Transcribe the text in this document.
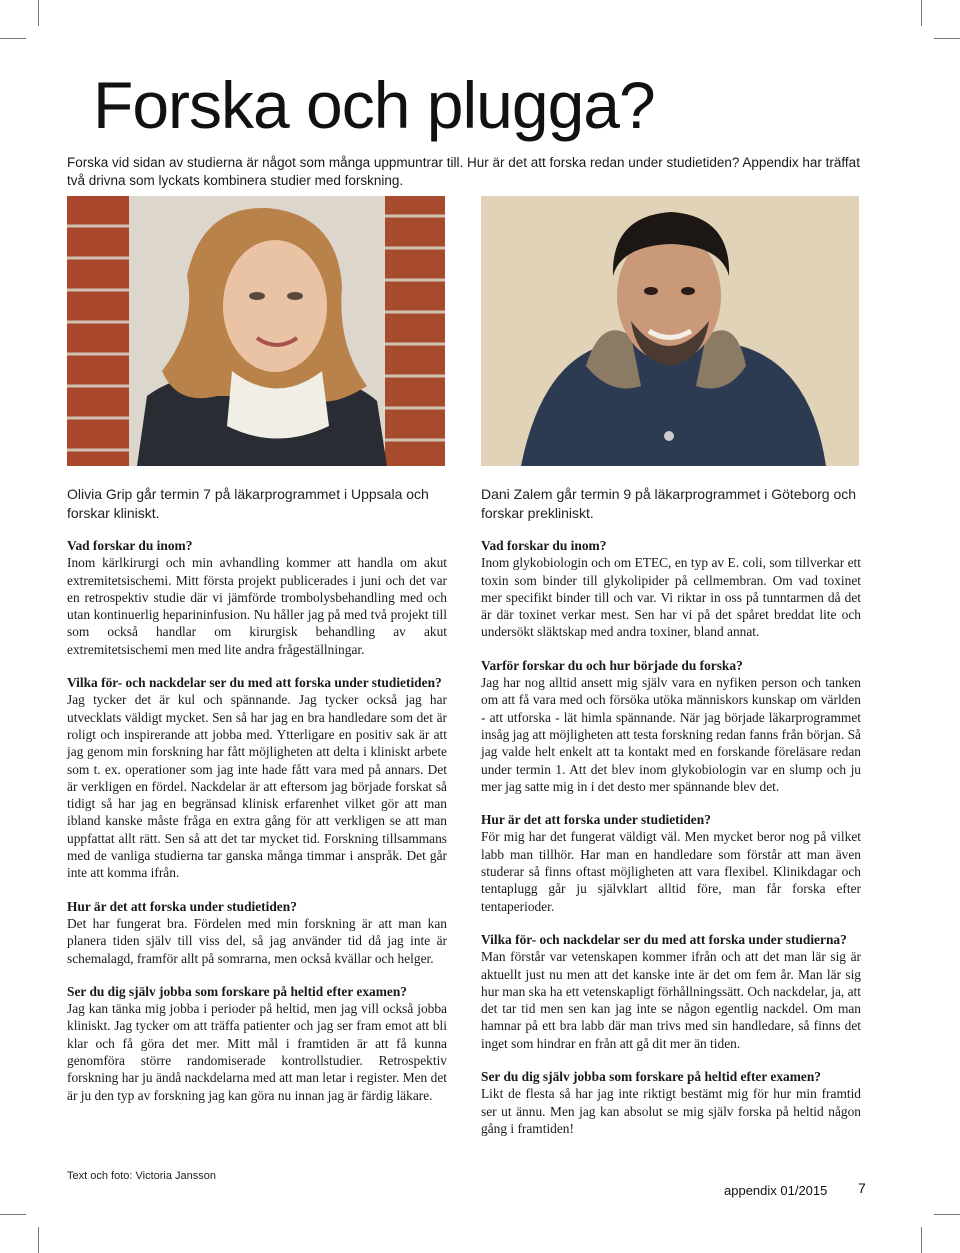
Forska och plugga?

Forska vid sidan av studierna är något som många uppmuntrar till. Hur är det att forska redan under studietiden? Appendix har träffat två drivna som lyckats kombinera studier med forskning.

Olivia Grip går termin 7 på läkarprogrammet i Uppsala och forskar kliniskt.

Dani Zalem går termin 9 på läkarprogrammet i Göteborg och forskar prekliniskt.

Vad forskar du inom?

Inom kärlkirurgi och min avhandling kommer att handla om akut extremitetsischemi. Mitt första projekt publicerades i juni och det var en retrospektiv studie där vi jämförde trombolysbehandling med och utan kontinuerlig heparininfusion. Nu håller jag på med två projekt till som också handlar om kirurgisk behandling av akut extremitetsischemi men med lite andra frågeställningar.

Vilka för- och nackdelar ser du med att forska under studietiden?

Jag tycker det är kul och spännande. Jag tycker också jag har utvecklats väldigt mycket. Sen så har jag en bra handledare som det är roligt och inspirerande att jobba med. Ytterligare en positiv sak är att jag genom min forskning har fått möjligheten att delta i kliniskt arbete som t. ex. operationer som jag inte hade fått vara med på annars. Det är verkligen en fördel. Nackdelar är att eftersom jag började forskat så tidigt så har jag en begränsad klinisk erfarenhet vilket gör att man ibland kanske måste fråga en extra gång för att verkligen se att man uppfattat allt rätt. Sen så att det tar mycket tid. Forskning tillsammans med de vanliga studierna tar ganska många timmar i anspråk. Det går inte att komma ifrån.

Hur är det att forska under studietiden?

Det har fungerat bra. Fördelen med min forskning är att man kan planera tiden själv till viss del, så jag använder tid då jag inte är schemalagd, framför allt på somrarna, men också kvällar och helger.

Ser du dig själv jobba som forskare på heltid efter examen?

Jag kan tänka mig jobba i perioder på heltid, men jag vill också jobba kliniskt. Jag tycker om att träffa patienter och jag ser fram emot att bli klar och få göra det mer. Mitt mål i framtiden är att få kunna genomföra större randomiserade kontrollstudier. Retrospektiv forskning har ju ändå nackdelarna med att man letar i register. Men det är ju den typ av forskning jag kan göra nu innan jag är färdig läkare.

Vad forskar du inom?

Inom glykobiologin och om ETEC, en typ av E. coli, som tillverkar ett toxin som binder till glykolipider på cellmembran. Om vad toxinet mer specifikt binder till och var. Vi riktar in oss på tunntarmen då det är där toxinet verkar mest. Sen har vi på det spåret breddat lite och undersökt släktskap med andra toxiner, bland annat.

Varför forskar du och hur började du forska?

Jag har nog alltid ansett mig själv vara en nyfiken person och tanken om att få vara med och försöka utöka människors kunskap om världen - att utforska - lät himla spännande. När jag började läkarprogrammet insåg jag att möjligheten att testa forskning redan fanns från början. Så jag valde helt enkelt att ta kontakt med en forskande föreläsare redan under termin 1. Att det blev inom glykobiologin var en slump och ju mer jag satte mig in i det desto mer spännande blev det.

Hur är det att forska under studietiden?

För mig har det fungerat väldigt väl. Men mycket beror nog på vilket labb man tillhör. Har man en handledare som förstår att man även studerar så finns oftast möjligheten att vara flexibel. Klinikdagar och tentaplugg går ju självklart alltid före, man får forska efter tentaperioder.

Vilka för- och nackdelar ser du med att forska under studierna?

Man förstår var vetenskapen kommer ifrån och att det man lär sig är aktuellt just nu men att det kanske inte är det om fem år. Man lär sig hur man ska ha ett vetenskapligt förhållningssätt. Och nackdelar, ja, att det tar tid men sen kan jag inte se någon egentlig nackdel. Om man hamnar på ett bra labb där man trivs med sin handledare, så finns det inget som hindrar en från att gå dit mer än tiden.

Ser du dig själv jobba som forskare på heltid efter examen?

Likt de flesta så har jag inte riktigt bestämt mig för hur min framtid ser ut ännu. Men jag kan absolut se mig själv forska på heltid någon gång i framtiden!

Text och foto: Victoria Jansson

appendix 01/2015 7
